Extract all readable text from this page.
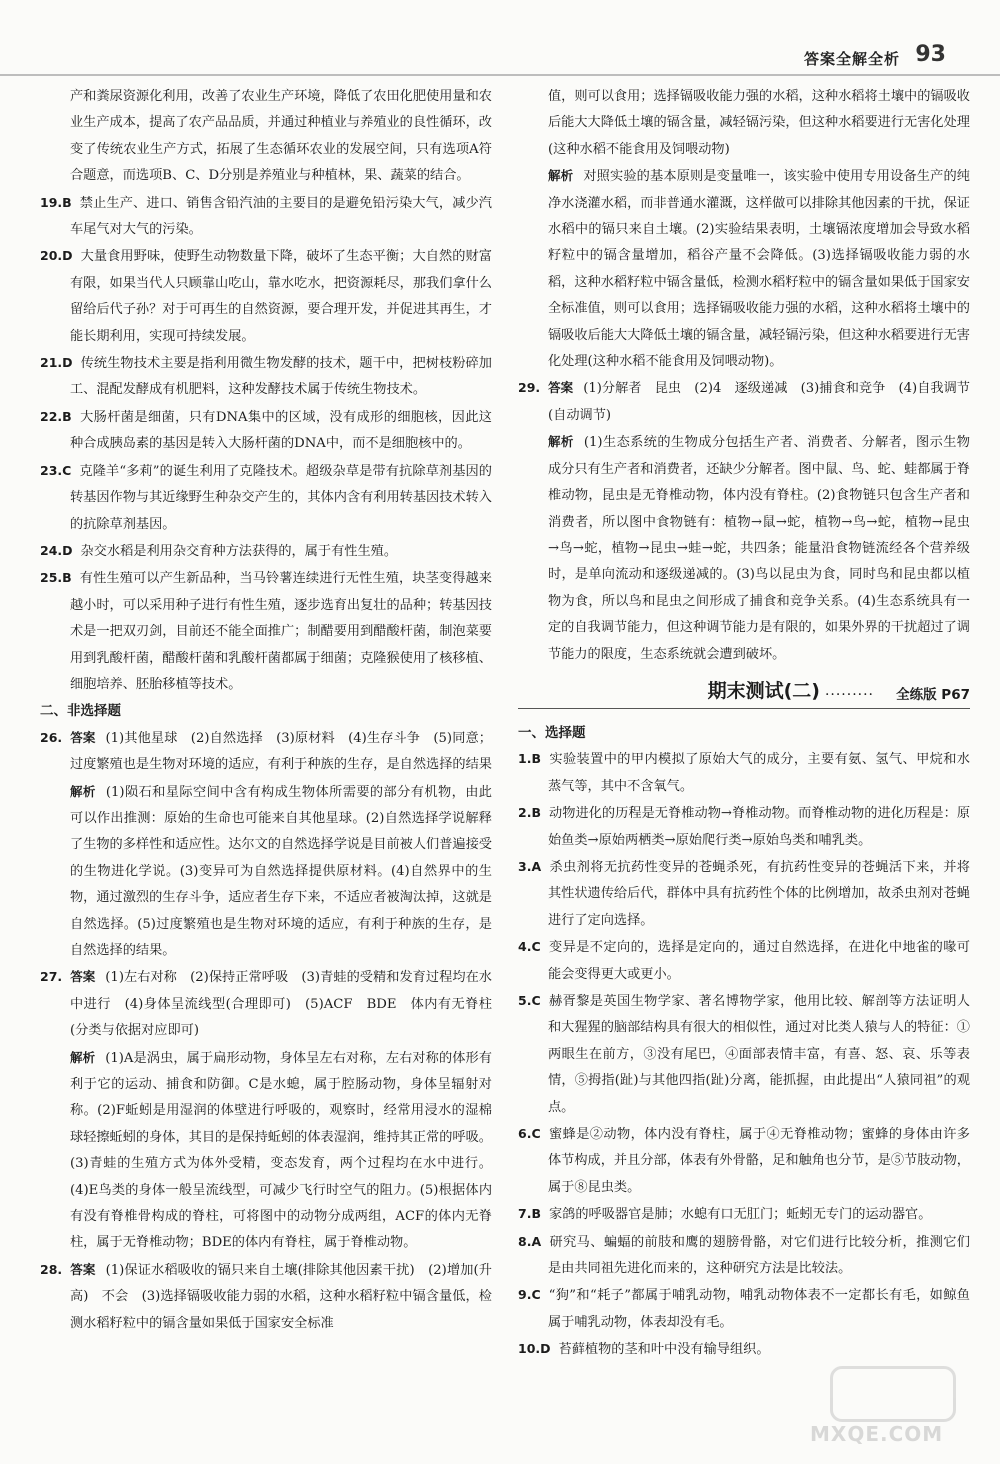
答案全解全析 93

产和粪尿资源化利用，改善了农业生产环境，降低了农田化肥使用量和农业生产成本，提高了农产品品质，并通过种植业与养殖业的良性循环，改变了传统农业生产方式，拓展了生态循环农业的发展空间，只有选项A符合题意，而选项B、C、D分别是养殖业与种植林，果、蔬菜的结合。

19.B 禁止生产、进口、销售含铅汽油的主要目的是避免铅污染大气，减少汽车尾气对大气的污染。

20.D 大量食用野味，使野生动物数量下降，破坏了生态平衡；大自然的财富有限，如果当代人只顾靠山吃山，靠水吃水，把资源耗尽，那我们拿什么留给后代子孙？对于可再生的自然资源，要合理开发，并促进其再生，才能长期利用，实现可持续发展。

21.D 传统生物技术主要是指利用微生物发酵的技术，题干中，把树枝粉碎加工、混配发酵成有机肥料，这种发酵技术属于传统生物技术。

22.B 大肠杆菌是细菌，只有DNA集中的区域，没有成形的细胞核，因此这种合成胰岛素的基因是转入大肠杆菌的DNA中，而不是细胞核中的。

23.C 克隆羊“多莉”的诞生利用了克隆技术。超级杂草是带有抗除草剂基因的转基因作物与其近缘野生种杂交产生的，其体内含有利用转基因技术转入的抗除草剂基因。

24.D 杂交水稻是利用杂交育种方法获得的，属于有性生殖。

25.B 有性生殖可以产生新品种，当马铃薯连续进行无性生殖，块茎变得越来越小时，可以采用种子进行有性生殖，逐步选育出复壮的品种；转基因技术是一把双刃剑，目前还不能全面推广；制醋要用到醋酸杆菌，制泡菜要用到乳酸杆菌，醋酸杆菌和乳酸杆菌都属于细菌；克隆猴使用了核移植、细胞培养、胚胎移植等技术。

二、非选择题

26. 答案 (1)其他星球　(2)自然选择　(3)原材料　(4)生存斗争　(5)同意；过度繁殖也是生物对环境的适应，有利于种族的生存，是自然选择的结果

解析 (1)陨石和星际空间中含有构成生物体所需要的部分有机物，由此可以作出推测：原始的生命也可能来自其他星球。(2)自然选择学说解释了生物的多样性和适应性。达尔文的自然选择学说是目前被人们普遍接受的生物进化学说。(3)变异可为自然选择提供原材料。(4)自然界中的生物，通过激烈的生存斗争，适应者生存下来，不适应者被淘汰掉，这就是自然选择。(5)过度繁殖也是生物对环境的适应，有利于种族的生存，是自然选择的结果。

27. 答案 (1)左右对称　(2)保持正常呼吸　(3)青蛙的受精和发育过程均在水中进行　(4)身体呈流线型(合理即可)　(5)ACF　BDE　体内有无脊柱(分类与依据对应即可)

解析 (1)A是涡虫，属于扁形动物，身体呈左右对称，左右对称的体形有利于它的运动、捕食和防御。C是水螅，属于腔肠动物，身体呈辐射对称。(2)F蚯蚓是用湿润的体壁进行呼吸的，观察时，经常用浸水的湿棉球轻擦蚯蚓的身体，其目的是保持蚯蚓的体表湿润，维持其正常的呼吸。(3)青蛙的生殖方式为体外受精，变态发育，两个过程均在水中进行。(4)E鸟类的身体一般呈流线型，可减少飞行时空气的阻力。(5)根据体内有没有脊椎骨构成的脊柱，可将图中的动物分成两组，ACF的体内无脊柱，属于无脊椎动物；BDE的体内有脊柱，属于脊椎动物。

28. 答案 (1)保证水稻吸收的镉只来自土壤(排除其他因素干扰)　(2)增加(升高)　不会　(3)选择镉吸收能力弱的水稻，这种水稻籽粒中镉含量低，检测水稻籽粒中的镉含量如果低于国家安全标准

值，则可以食用；选择镉吸收能力强的水稻，这种水稻将土壤中的镉吸收后能大大降低土壤的镉含量，减轻镉污染，但这种水稻要进行无害化处理(这种水稻不能食用及饲喂动物)

解析 对照实验的基本原则是变量唯一，该实验中使用专用设备生产的纯净水浇灌水稻，而非普通水灌溉，这样做可以排除其他因素的干扰，保证水稻中的镉只来自土壤。(2)实验结果表明，土壤镉浓度增加会导致水稻籽粒中的镉含量增加，稻谷产量不会降低。(3)选择镉吸收能力弱的水稻，这种水稻籽粒中镉含量低，检测水稻籽粒中的镉含量如果低于国家安全标准值，则可以食用；选择镉吸收能力强的水稻，这种水稻将土壤中的镉吸收后能大大降低土壤的镉含量，减轻镉污染，但这种水稻要进行无害化处理(这种水稻不能食用及饲喂动物)。

29. 答案 (1)分解者　昆虫　(2)4　逐级递减　(3)捕食和竞争　(4)自我调节(自动调节)

解析 (1)生态系统的生物成分包括生产者、消费者、分解者，图示生物成分只有生产者和消费者，还缺少分解者。图中鼠、鸟、蛇、蛙都属于脊椎动物，昆虫是无脊椎动物，体内没有脊柱。(2)食物链只包含生产者和消费者，所以图中食物链有：植物→鼠→蛇，植物→鸟→蛇，植物→昆虫→鸟→蛇，植物→昆虫→蛙→蛇，共四条；能量沿食物链流经各个营养级时，是单向流动和逐级递减的。(3)鸟以昆虫为食，同时鸟和昆虫都以植物为食，所以鸟和昆虫之间形成了捕食和竞争关系。(4)生态系统具有一定的自我调节能力，但这种调节能力是有限的，如果外界的干扰超过了调节能力的限度，生态系统就会遭到破坏。

期末测试(二) ········· 全练版 P67

一、选择题

1.B 实验装置中的甲内模拟了原始大气的成分，主要有氨、氢气、甲烷和水蒸气等，其中不含氧气。

2.B 动物进化的历程是无脊椎动物→脊椎动物。而脊椎动物的进化历程是：原始鱼类→原始两栖类→原始爬行类→原始鸟类和哺乳类。

3.A 杀虫剂将无抗药性变异的苍蝇杀死，有抗药性变异的苍蝇活下来，并将其性状遗传给后代，群体中具有抗药性个体的比例增加，故杀虫剂对苍蝇进行了定向选择。

4.C 变异是不定向的，选择是定向的，通过自然选择，在进化中地雀的喙可能会变得更大或更小。

5.C 赫胥黎是英国生物学家、著名博物学家，他用比较、解剖等方法证明人和大猩猩的脑部结构具有很大的相似性，通过对比类人猿与人的特征：①两眼生在前方，③没有尾巴，④面部表情丰富，有喜、怒、哀、乐等表情，⑤拇指(趾)与其他四指(趾)分离，能抓握，由此提出“人猿同祖”的观点。

6.C 蜜蜂是②动物，体内没有脊柱，属于④无脊椎动物；蜜蜂的身体由许多体节构成，并且分部，体表有外骨骼，足和触角也分节，是⑤节肢动物，属于⑧昆虫类。

7.B 家鸽的呼吸器官是肺；水螅有口无肛门；蚯蚓无专门的运动器官。

8.A 研究马、蝙蝠的前肢和鹰的翅膀骨骼，对它们进行比较分析，推测它们是由共同祖先进化而来的，这种研究方法是比较法。

9.C “狗”和“耗子”都属于哺乳动物，哺乳动物体表不一定都长有毛，如鲸鱼属于哺乳动物，体表却没有毛。

10.D 苔藓植物的茎和叶中没有输导组织。

MXQE.COM
